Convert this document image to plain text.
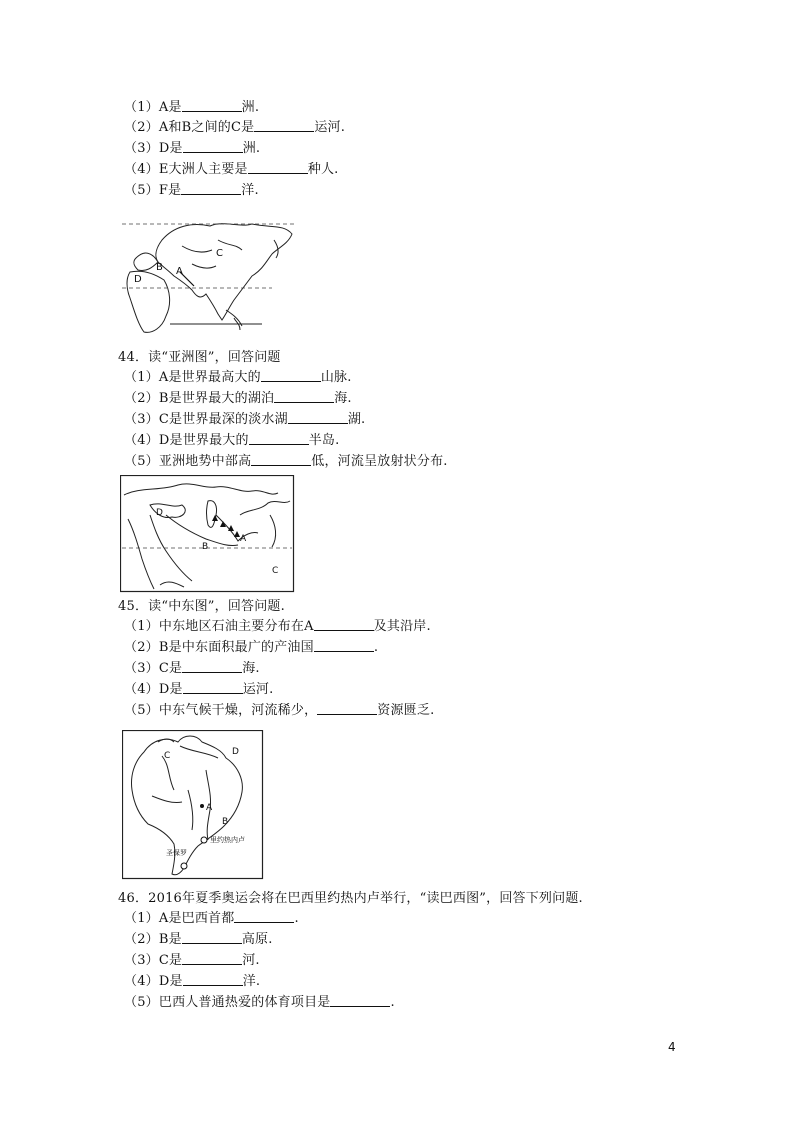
（1）A是	洲.
（2）A和B之间的C是	运河.
（3）D是	洲.
（4）E大洲人主要是	种人.
（5）F是	洋.
C
B A
D
44．读“亚洲图”，回答问题
（1）A是世界最高大的	山脉.
（2）B是世界最大的湖泊	海.
（3）C是世界最深的淡水湖	湖.
（4）D是世界最大的	半岛.
（5）亚洲地势中部高	低，河流呈放射状分布.
D
A
B
C
45．读“中东图”，回答问题.
（1）中东地区石油主要分布在A	及其沿岸.
（2）B是中东面积最广的产油国	.
（3）C是	海.
（4）D是	运河.
（5）中东气候干燥，河流稀少，	资源匮乏.
C	D
A
B
圣保罗
里约热内卢
46．2016年夏季奥运会将在巴西里约热内卢举行，“读巴西图”，回答下列问题.
（1）A是巴西首都	.
（2）B是	高原.
（3）C是	河.
（4）D是	洋.
（5）巴西人普通热爱的体育项目是	.
4
